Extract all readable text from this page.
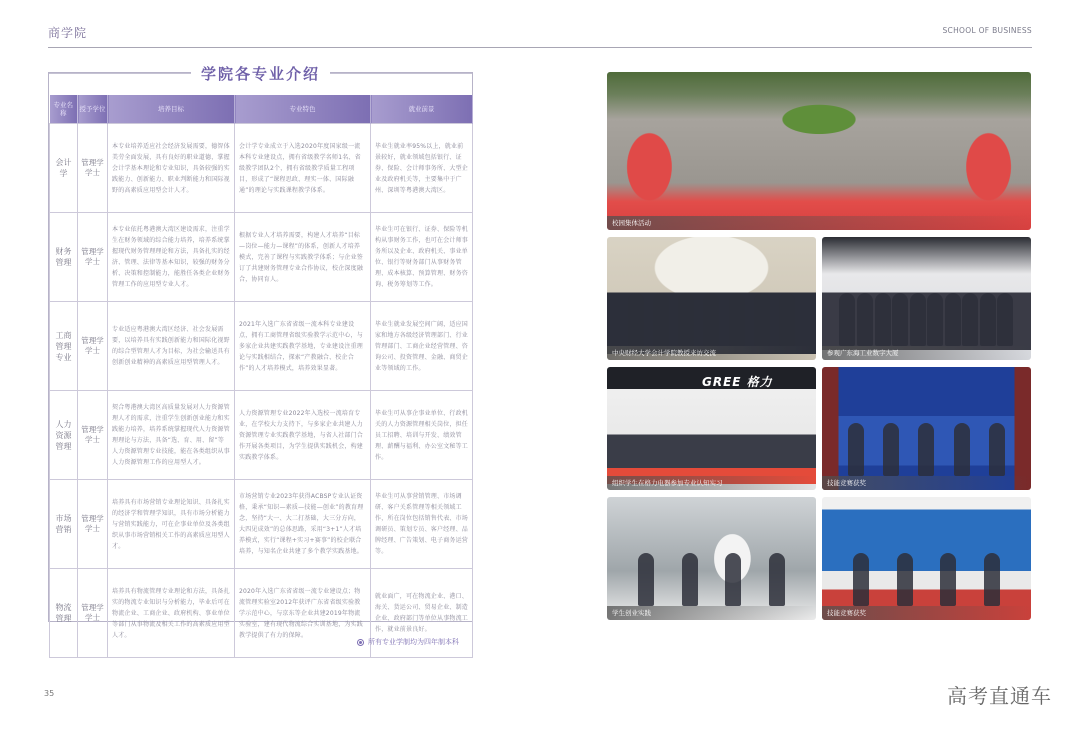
商学院	SCHOOL OF BUSINESS
学院各专业介绍
专业名称	授予学位	培养目标	专业特色	就业前景
会计学	管理学学士	本专业培养适应社会经济发展需要，德智体美劳全面发展，具有良好的职业道德，掌握会计学基本理论和专业知识，具备较强的实践能力、创新能力、职业判断能力和国际视野的高素质应用型会计人才。	会计学专业成立于入选2020年度国家级一流本科专业建设点，拥有省级教学名师1名、省级教学团队2个，拥有省级教学质量工程项目，形成了“课程思政、理实一体、国际融通”的理论与实践课程教学体系。	毕业生就业率95%以上，就业前景较好，就业领域包括银行、证券、保险、会计师事务所、大型企业及政府机关等，主要集中于广州、深圳等粤港澳大湾区。
财务管理	管理学学士	本专业依托粤港澳大湾区建设需求，注重学生在财务领域的综合能力培养，培养系统掌握现代财务管理理论和方法，具备扎实的经济、管理、法律等基本知识，较强的财务分析、决策和控制能力，能胜任各类企业财务管理工作的应用型专业人才。	根据专业人才培养需要，构建人才培养“目标—岗位—能力—课程”的体系，创新人才培养模式，完善了课程与实践教学体系；与企业签订了共建财务管理专业合作协议，校企深度融合，协同育人。	毕业生可在银行、证券、保险等机构从事财务工作，也可在会计师事务所以及企业、政府机关、事业单位、银行等财务部门从事财务管理、成本核算、预算管理、财务咨询、税务筹划等工作。
工商管理专业	管理学学士	专业适应粤港澳大湾区经济、社会发展需要，以培养具有实践创新能力和国际化视野的综合型管理人才为目标，为社会输送具有创新创业精神的高素质应用型管理人才。	2021年入选广东省省级一流本科专业建设点，拥有工商管理省级实验教学示范中心，与多家企业共建实践教学基地，专业建设注重理论与实践相结合，探索“产教融合、校企合作”的人才培养模式，培养效果显著。	毕业生就业发展空间广阔，适应国家和地方各级经济管理部门、行业管理部门、工商企业经营管理、咨询公司、投资管理、金融、商贸企业等领域的工作。
人力资源管理	管理学学士	契合粤港澳大湾区高质量发展对人力资源管理人才的需求，注重学生创新创业能力和实践能力培养，培养系统掌握现代人力资源管理理论与方法，具备“选、育、用、留”等人力资源管理专业技能，能在各类组织从事人力资源管理工作的应用型人才。	人力资源管理专业2022年入选校一流培育专业，在学校大力支持下，与多家企业共建人力资源管理专业实践教学基地，与省人社部门合作开展各类项目，为学生提供实践机会，构建实践教学体系。	毕业生可从事企事业单位、行政机关的人力资源管理相关岗位，担任员工招聘、培训与开发、绩效管理、薪酬与福利、办公室文秘等工作。
市场营销	管理学学士	培养具有市场营销专业理论知识、具备扎实的经济学和管理学知识，具有市场分析能力与营销实践能力，可在企事业单位及各类组织从事市场营销相关工作的高素质应用型人才。	市场营销专业2023年获得ACBSP专业认证资格，秉承“知识—素质—技能—创业”的教育理念，坚持“大一、大二打基础，大三分方向，大四见成效”的总体思路，采用“3+1”人才培养模式，实行“课程+实习+赛事”的校企联合培养，与知名企业共建了多个教学实践基地。	毕业生可从事营销管理、市场调研、客户关系管理等相关领域工作，所在岗位包括销售代表、市场调研员、策划专员、客户经理、品牌经理、广告策划、电子商务运营等。
物流管理	管理学学士	培养具有物流管理专业理论和方法，具备扎实的物流专业知识与分析能力，毕业后可在物流企业、工商企业、政府机构、事业单位等部门从事物流及相关工作的高素质应用型人才。	2020年入选广东省省级一流专业建设点；物流管理实验室2012年获评广东省省级实验教学示范中心，与京东等企业共建2019年物流实验室，建有现代物流综合实训基地，为实践教学提供了有力的保障。	就业面广，可在物流企业、港口、海关、货运公司、贸易企业、制造企业、政府部门等单位从事物流工作，就业前景良好。
所有专业学制均为四年制本科
校园集体活动
中央财经大学会计学院教授来访交流	参观广东海工业数字大厦
GREE 格力
组织学生在格力电器参加专业认知实习	技能竞赛获奖
学生创业实践	技能竞赛获奖
35	高考直通车
